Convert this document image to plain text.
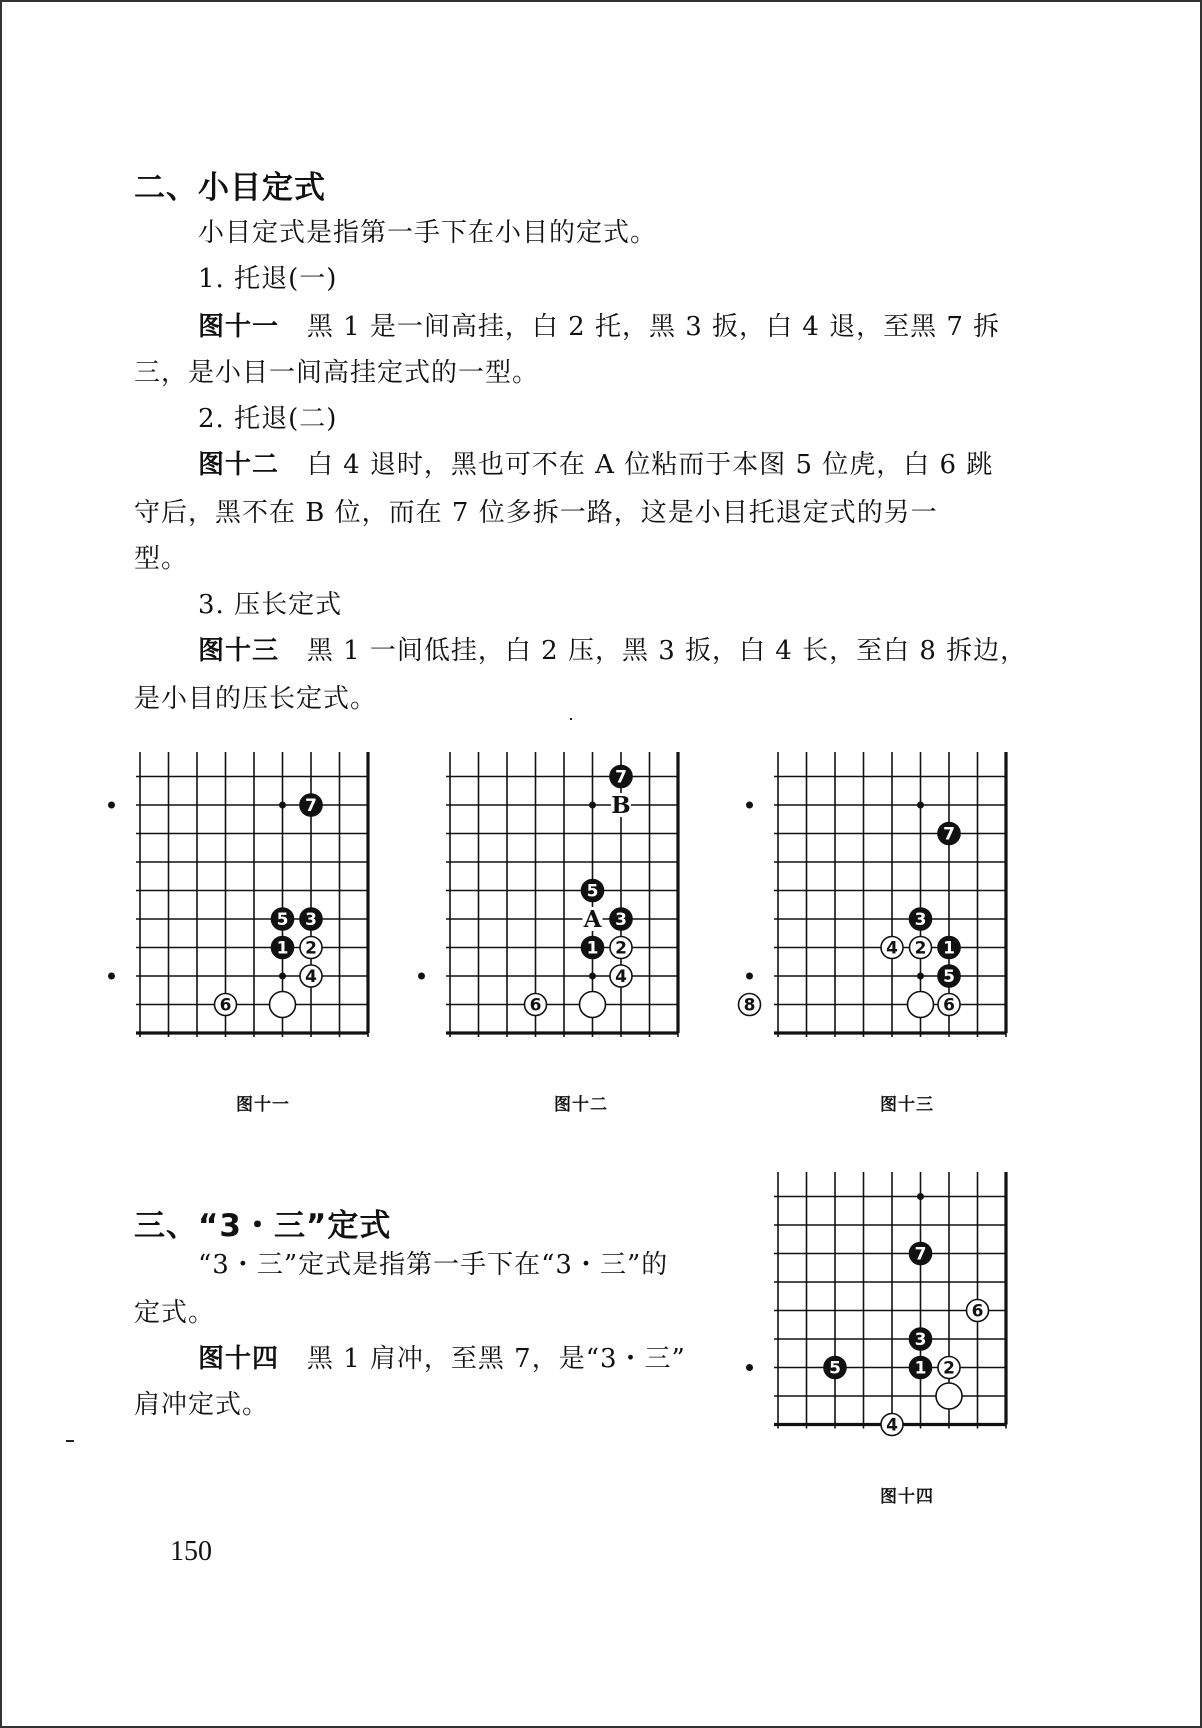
二、小目定式
小目定式是指第一手下在小目的定式。
1. 托退(一)
图十一 黑 1 是一间高挂，白 2 托，黑 3 扳，白 4 退，至黑 7 拆
三，是小目一间高挂定式的一型。
2. 托退(二)
图十二 白 4 退时，黑也可不在 A 位粘而于本图 5 位虎，白 6 跳
守后，黑不在 B 位，而在 7 位多拆一路，这是小目托退定式的另一
型。
3. 压长定式
图十三 黑 1 一间低挂，白 2 压，黑 3 扳，白 4 长，至白 8 拆边，
是小目的压长定式。
7
5 3
1 2
4
6
B
A
7
5
3
1 2
4
6
7
3
4 2 1
5
6
8
图十一	图十二	图十三
三、“3・三”定式
“3・三”定式是指第一手下在“3・三”的
定式。
图十四 黑 1 肩冲，至黑 7，是“3・三”
肩冲定式。
7
6
3
5	1 2
4
图十四
150
